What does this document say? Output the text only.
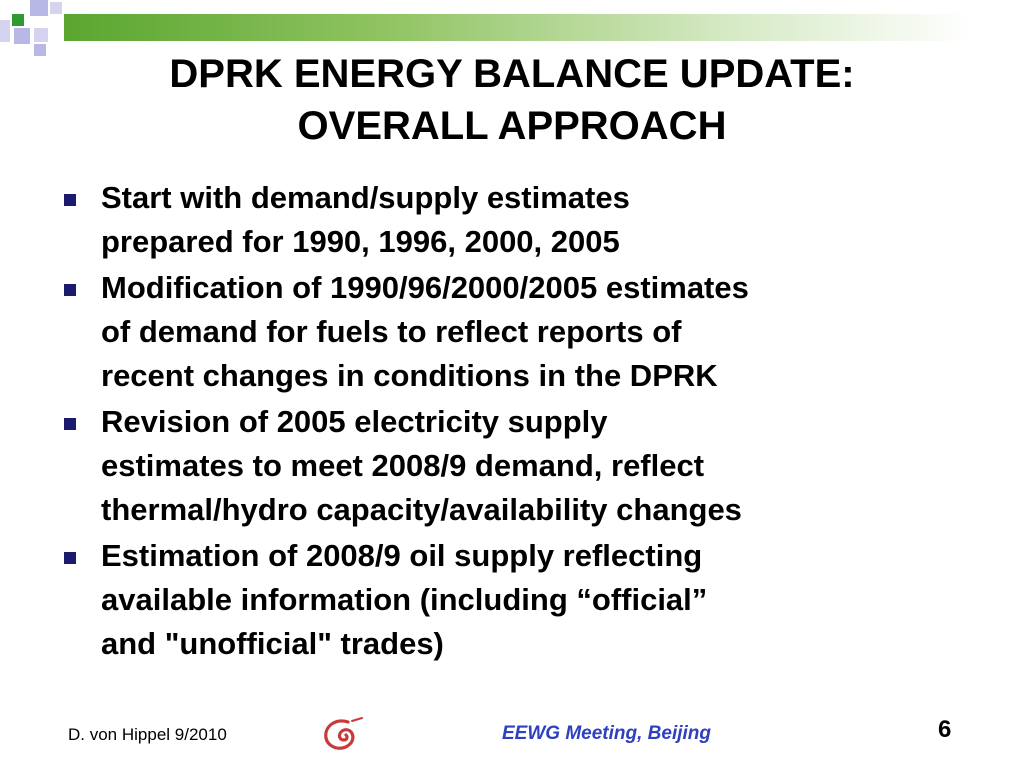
DPRK ENERGY BALANCE UPDATE:
OVERALL APPROACH
Start with demand/supply estimates
prepared for 1990, 1996, 2000, 2005
Modification of 1990/96/2000/2005 estimates
of demand for fuels to reflect reports of
recent changes in conditions in the DPRK
Revision of 2005 electricity supply
estimates to meet 2008/9 demand, reflect
thermal/hydro capacity/availability changes
Estimation of 2008/9 oil supply reflecting
available information (including “official”
and "unofficial" trades)
D. von Hippel 9/2010	EEWG Meeting, Beijing	6
